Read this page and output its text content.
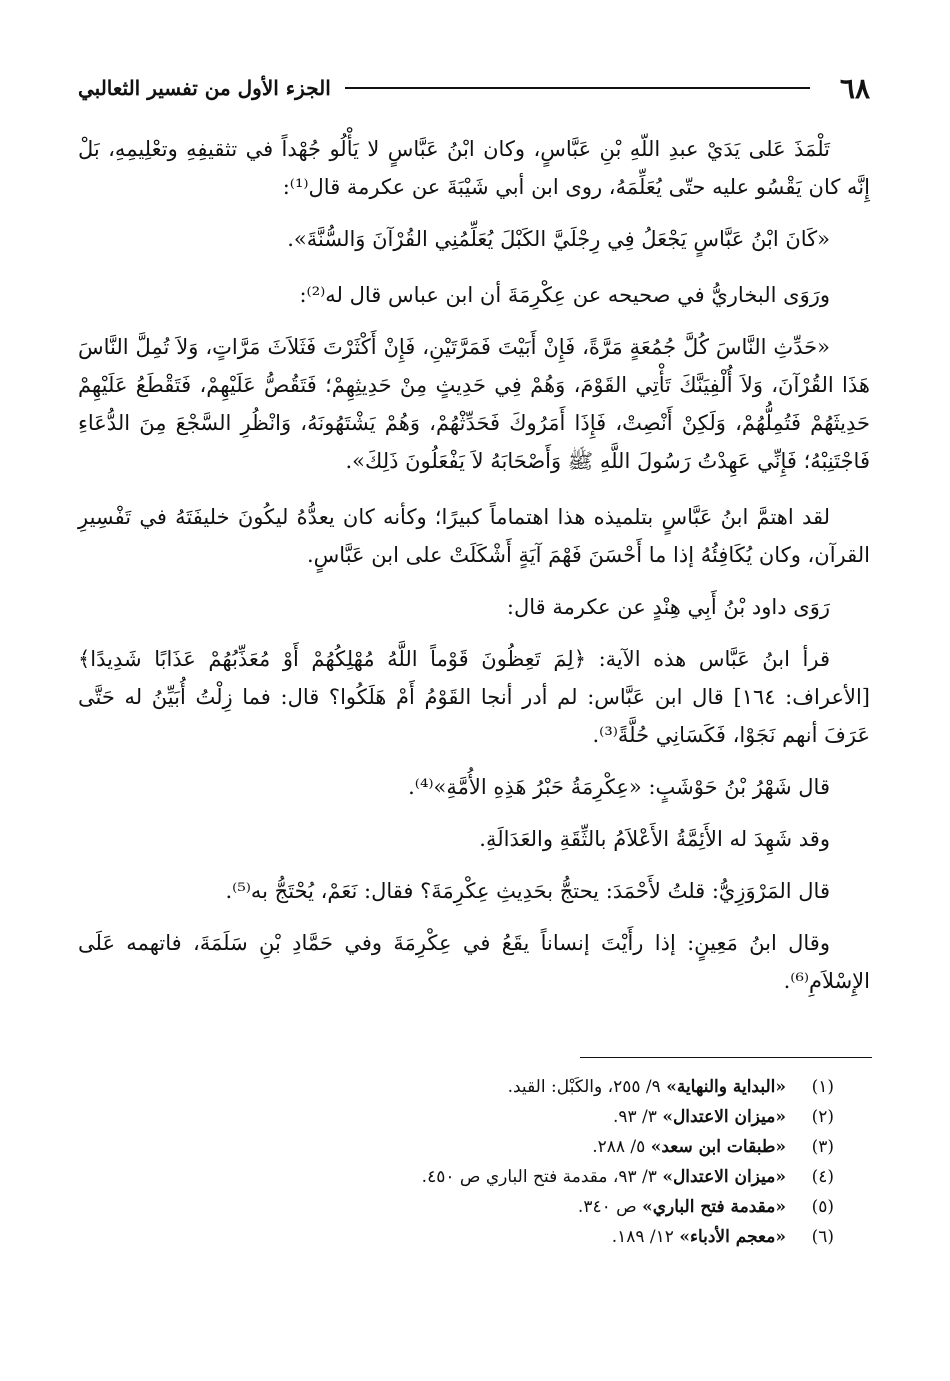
٦٨
الجزء الأول من تفسير الثعالبي

تَلْمَذَ عَلى يَدَيْ عبدِ اللّهِ بْنِ عَبَّاسٍ، وكان ابْنُ عَبَّاسٍ لا يَأْلُو جُهْداً في تثقيفِهِ وتعْلِيمِهِ، بَلْ إِنَّه كان يَقْسُو عليه حتّى يُعَلِّمَهُ، روى ابن أبي شَيْبَةَ عن عكرمة قال⁽¹⁾:

«كَانَ ابْنُ عَبَّاسٍ يَجْعَلُ فِي رِجْلَيَّ الكَبْلَ يُعَلِّمُنِي القُرْآنَ وَالسُّنَّةَ».

ورَوَى البخاريُّ في صحيحه عن عِكْرِمَةَ أن ابن عباس قال له⁽²⁾:

«حَدِّثِ النَّاسَ كُلَّ جُمُعَةٍ مَرَّةً، فَإِنْ أَبَيْتَ فَمَرَّتَيْنِ، فَإِنْ أَكْثَرْتَ فَثَلاَثَ مَرَّاتٍ، وَلاَ تُمِلَّ النَّاسَ هَذَا القُرْآنَ، وَلاَ أُلْفِيَنَّكَ تَأْتِي القَوْمَ، وَهُمْ فِي حَدِيثٍ مِنْ حَدِيثِهِمْ؛ فَتَقُصُّ عَلَيْهِمْ، فَتَقْطَعُ عَلَيْهِمْ حَدِيثَهُمْ فَتُمِلُّهُمْ، وَلَكِنْ أَنْصِتْ، فَإِذَا أَمَرُوكَ فَحَدِّثْهُمْ، وَهُمْ يَشْتَهُونَهُ، وَانْظُرِ السَّجْعَ مِنَ الدُّعَاءِ فَاجْتَنِبْهُ؛ فَإِنِّي عَهِدْتُ رَسُولَ اللَّهِ ﷺ وَأَصْحَابَهُ لاَ يَفْعَلُونَ ذَلِكَ».

لقد اهتمَّ ابنُ عَبَّاسٍ بتلميذه هذا اهتماماً كبيرًا؛ وكأنه كان يعدُّهُ ليكُونَ خليفَتَهُ في تَفْسِيرِ القرآن، وكان يُكَافِئُهُ إذا ما أَحْسَنَ فَهْمَ آيَةٍ أَشْكَلَتْ على ابن عَبَّاسٍ.

رَوَى داود بْنُ أَبِي هِنْدٍ عن عكرمة قال:

قرأ ابنُ عَبَّاس هذه الآية: ﴿لِمَ تَعِظُونَ قَوْماً اللَّهُ مُهْلِكُهُمْ أَوْ مُعَذِّبُهُمْ عَذَابًا شَدِيدًا﴾ [الأعراف: ١٦٤] قال ابن عَبَّاس: لم أدر أنجا القَوْمُ أَمْ هَلَكُوا؟ قال: فما زِلْتُ أُبَيِّنُ له حَتَّى عَرَفَ أنهم نَجَوْا، فَكَسَانِي حُلَّةً⁽³⁾.

قال شَهْرُ بْنُ حَوْشَبٍ: «عِكْرِمَةُ حَبْرُ هَذِهِ الأُمَّةِ»⁽⁴⁾.

وقد شَهِدَ له الأَئِمَّةُ الأَعْلاَمُ بالثِّقَةِ والعَدَالَةِ.

قال المَرْوَزِيُّ: قلتُ لأَحْمَدَ: يحتجُّ بحَدِيثِ عِكْرِمَةَ؟ فقال: نَعَمْ، يُحْتَجُّ به⁽⁵⁾.

وقال ابنُ مَعِينٍ: إذا رأَيْتَ إنساناً يقَعُ في عِكْرِمَةَ وفي حَمَّادِ بْنِ سَلَمَةَ، فاتهمه عَلَى الإِسْلاَمِ⁽⁶⁾.

(١)
«البداية والنهاية» ٩/ ٢٥٥، والكَبْل: القيد.
(٢)
«ميزان الاعتدال» ٣/ ٩٣.
(٣)
«طبقات ابن سعد» ٥/ ٢٨٨.
(٤)
«ميزان الاعتدال» ٣/ ٩٣، مقدمة فتح الباري ص ٤٥٠.
(٥)
«مقدمة فتح الباري» ص ٣٤٠.
(٦)
«معجم الأدباء» ١٢/ ١٨٩.
